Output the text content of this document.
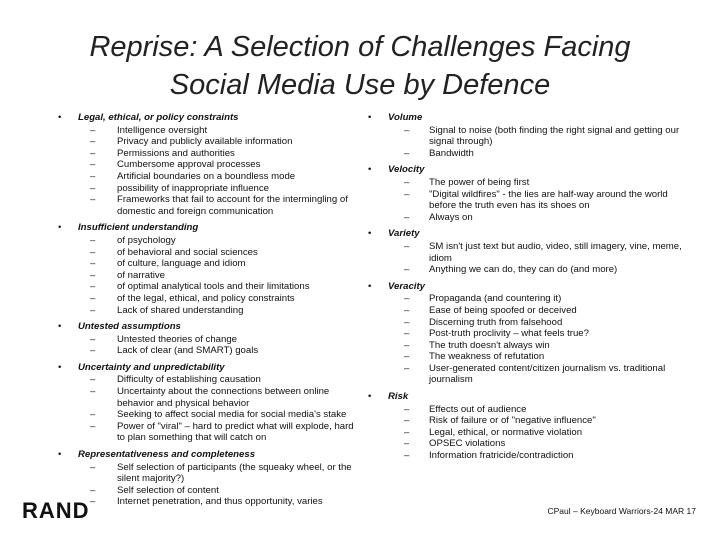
Reprise: A Selection of Challenges Facing
Social Media Use by Defence
• Legal, ethical, or policy constraints
– Intelligence oversight
– Privacy and publicly available information
– Permissions and authorities
– Cumbersome approval processes
– Artificial boundaries on a boundless mode
– possibility of inappropriate influence
– Frameworks that fail to account for the intermingling of domestic and foreign communication
• Insufficient understanding
– of psychology
– of behavioral and social sciences
– of culture, language and idiom
– of narrative
– of optimal analytical tools and their limitations
– of the legal, ethical, and policy constraints
– Lack of shared understanding
• Untested assumptions
– Untested theories of change
– Lack of clear (and SMART) goals
• Uncertainty and unpredictability
– Difficulty of establishing causation
– Uncertainty about the connections between online behavior and physical behavior
– Seeking to affect social media for social media's stake
– Power of "viral" – hard to predict what will explode, hard to plan something that will catch on
• Representativeness and completeness
– Self selection of participants (the squeaky wheel, or the silent majority?)
– Self selection of content
– Internet penetration, and thus opportunity, varies
• Volume
– Signal to noise (both finding the right signal and getting our signal through)
– Bandwidth
• Velocity
– The power of being first
– "Digital wildfires" - the lies are half-way around the world before the truth even has its shoes on
– Always on
• Variety
– SM isn't just text but audio, video, still imagery, vine, meme, idiom
– Anything we can do, they can do (and more)
• Veracity
– Propaganda (and countering it)
– Ease of being spoofed or deceived
– Discerning truth from falsehood
– Post-truth proclivity – what feels true?
– The truth doesn't always win
– The weakness of refutation
– User-generated content/citizen journalism vs. traditional journalism
• Risk
– Effects out of audience
– Risk of failure or of "negative influence"
– Legal, ethical, or normative violation
– OPSEC violations
– Information fratricide/contradiction
RAND	CPaul – Keyboard Warriors-24 MAR 17
